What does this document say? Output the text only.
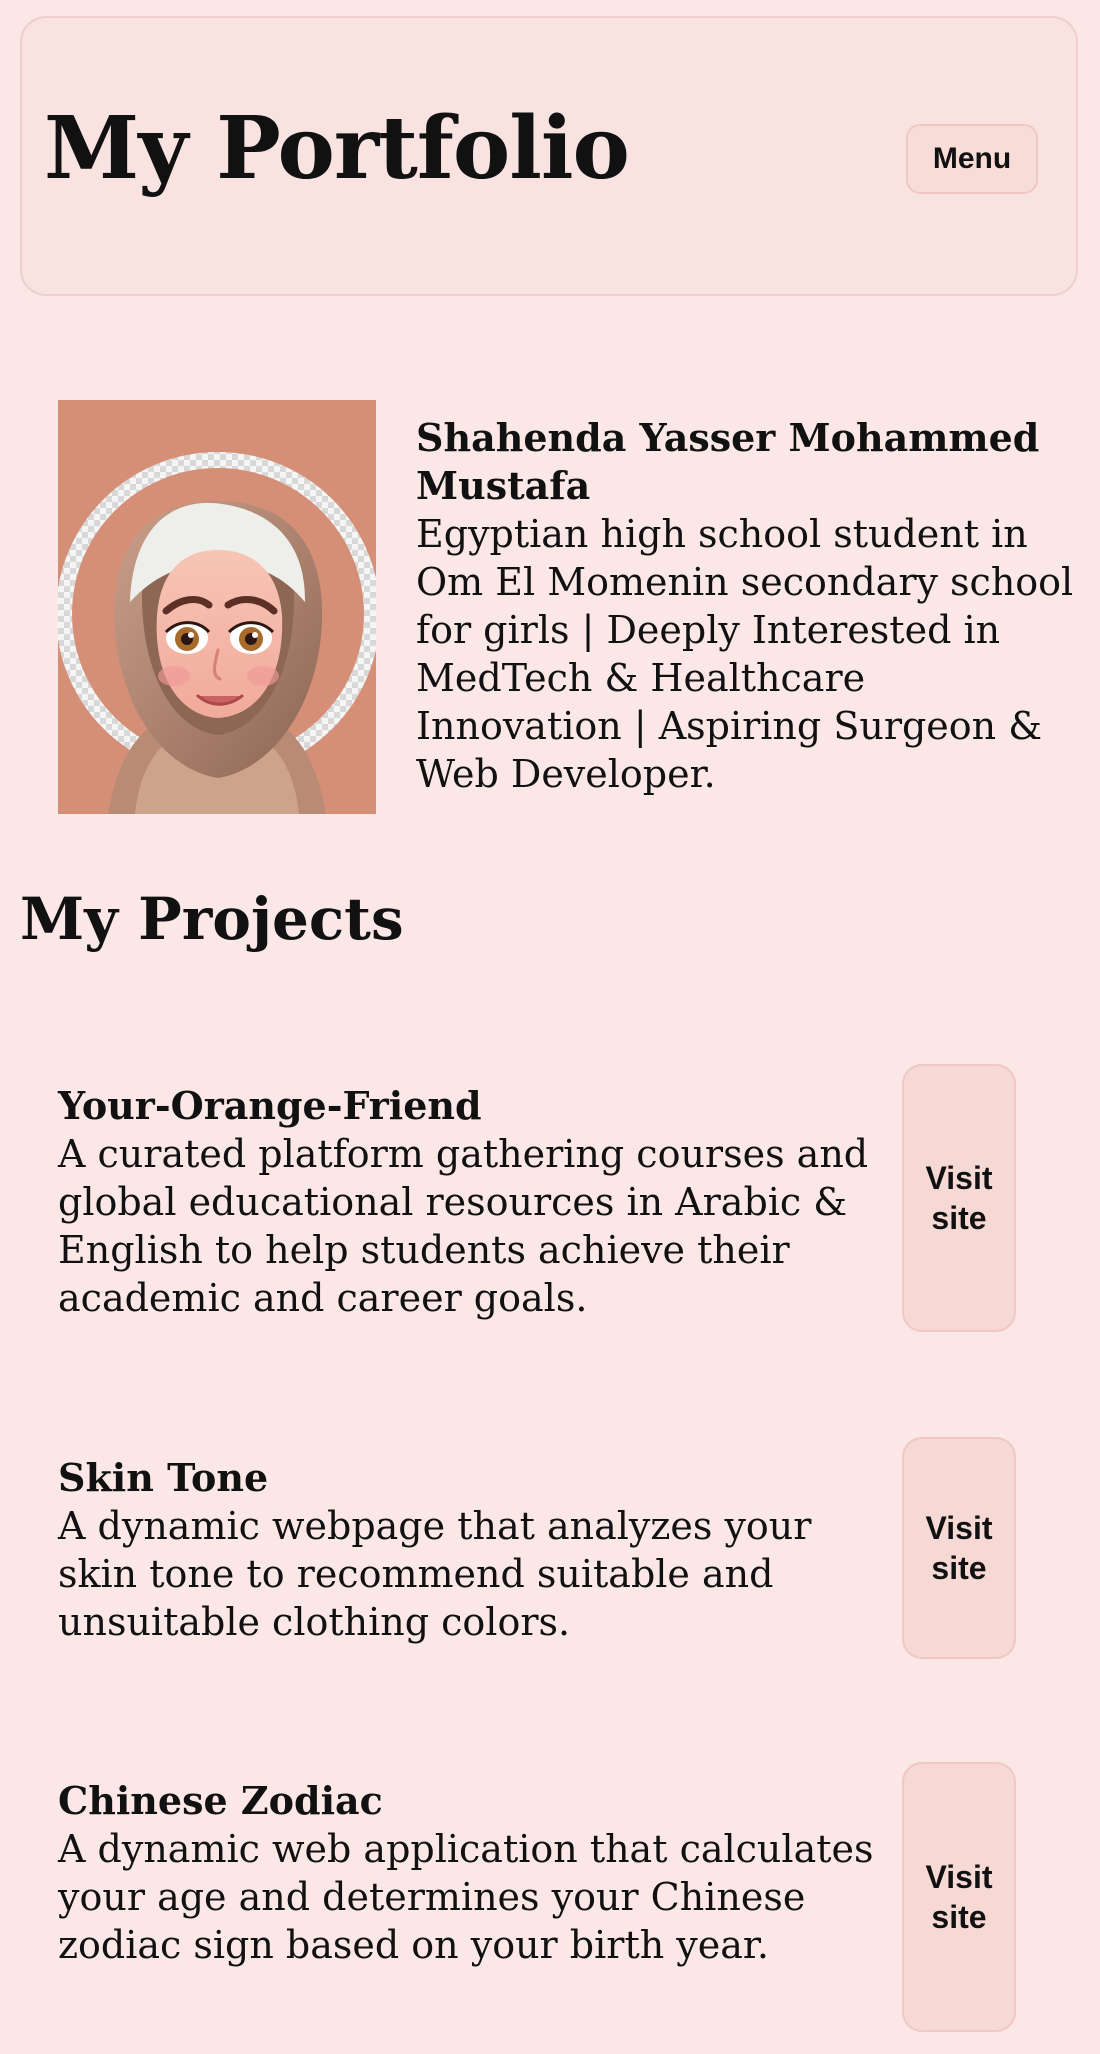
My Portfolio	Menu
Shahenda Yasser Mohammed Mustafa

Egyptian high school student in Om El Momenin secondary school for girls | Deeply Interested in MedTech & Healthcare Innovation | Aspiring Surgeon & Web Developer.

My Projects
Your-Orange-Friend

A curated platform gathering courses and global educational resources in Arabic & English to help students achieve their academic and career goals.

Visit site
Skin Tone

A dynamic webpage that analyzes your skin tone to recommend suitable and unsuitable clothing colors.

Visit site
Chinese Zodiac

A dynamic web application that calculates your age and determines your Chinese zodiac sign based on your birth year.

Visit site
